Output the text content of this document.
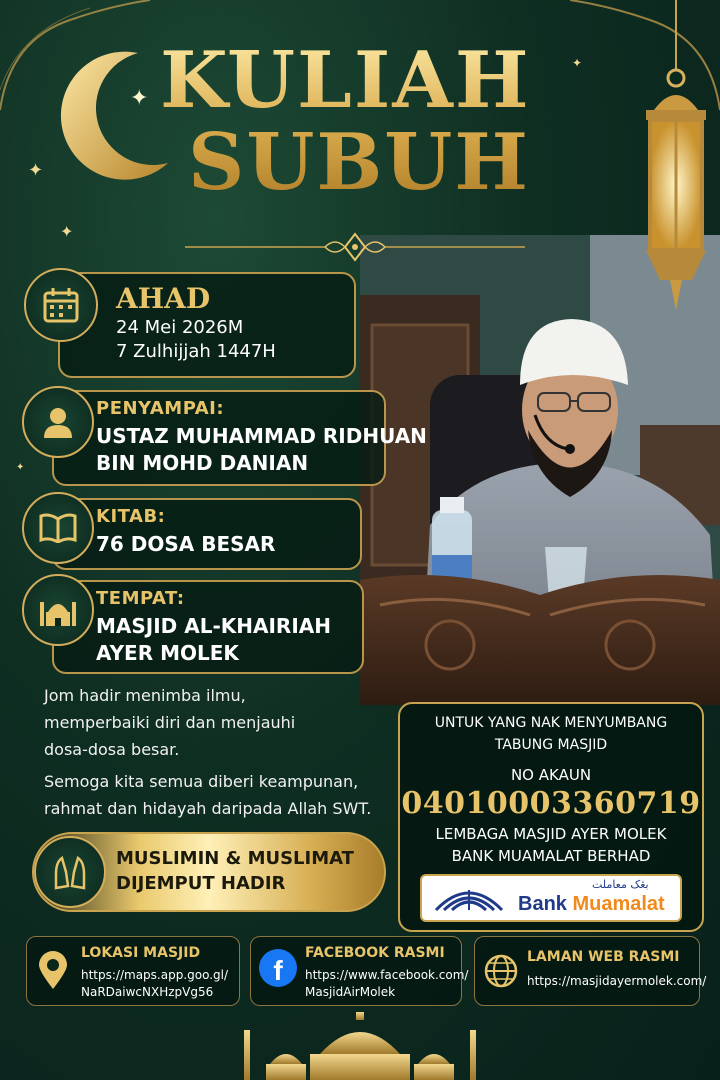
✦
✦
✦
✦
✦ KULIAH
SUBUH
AHAD
24 Mei 2026M
7 Zulhijjah 1447H
PENYAMPAI:
USTAZ MUHAMMAD RIDHUAN
BIN MOHD DANIAN
KITAB:
76 DOSA BESAR
TEMPAT:
MASJID AL-KHAIRIAH
AYER MOLEK
Jom hadir menimba ilmu,
memperbaiki diri dan menjauhi
dosa-dosa besar.
Semoga kita semua diberi keampunan,
rahmat dan hidayah daripada Allah SWT.
MUSLIMIN & MUSLIMAT
DIJEMPUT HADIR
UNTUK YANG NAK MENYUMBANG
TABUNG MASJID
NO AKAUN
04010003360719
LEMBAGA MASJID AYER MOLEK
BANK MUAMALAT BERHAD
بڠک معاملت
Bank Muamalat
LOKASI MASJID
https://maps.app.goo.gl/
NaRDaiwcNXHzpVg56
f
FACEBOOK RASMI
https://www.facebook.com/
MasjidAirMolek
LAMAN WEB RASMI
https://masjidayermolek.com/
